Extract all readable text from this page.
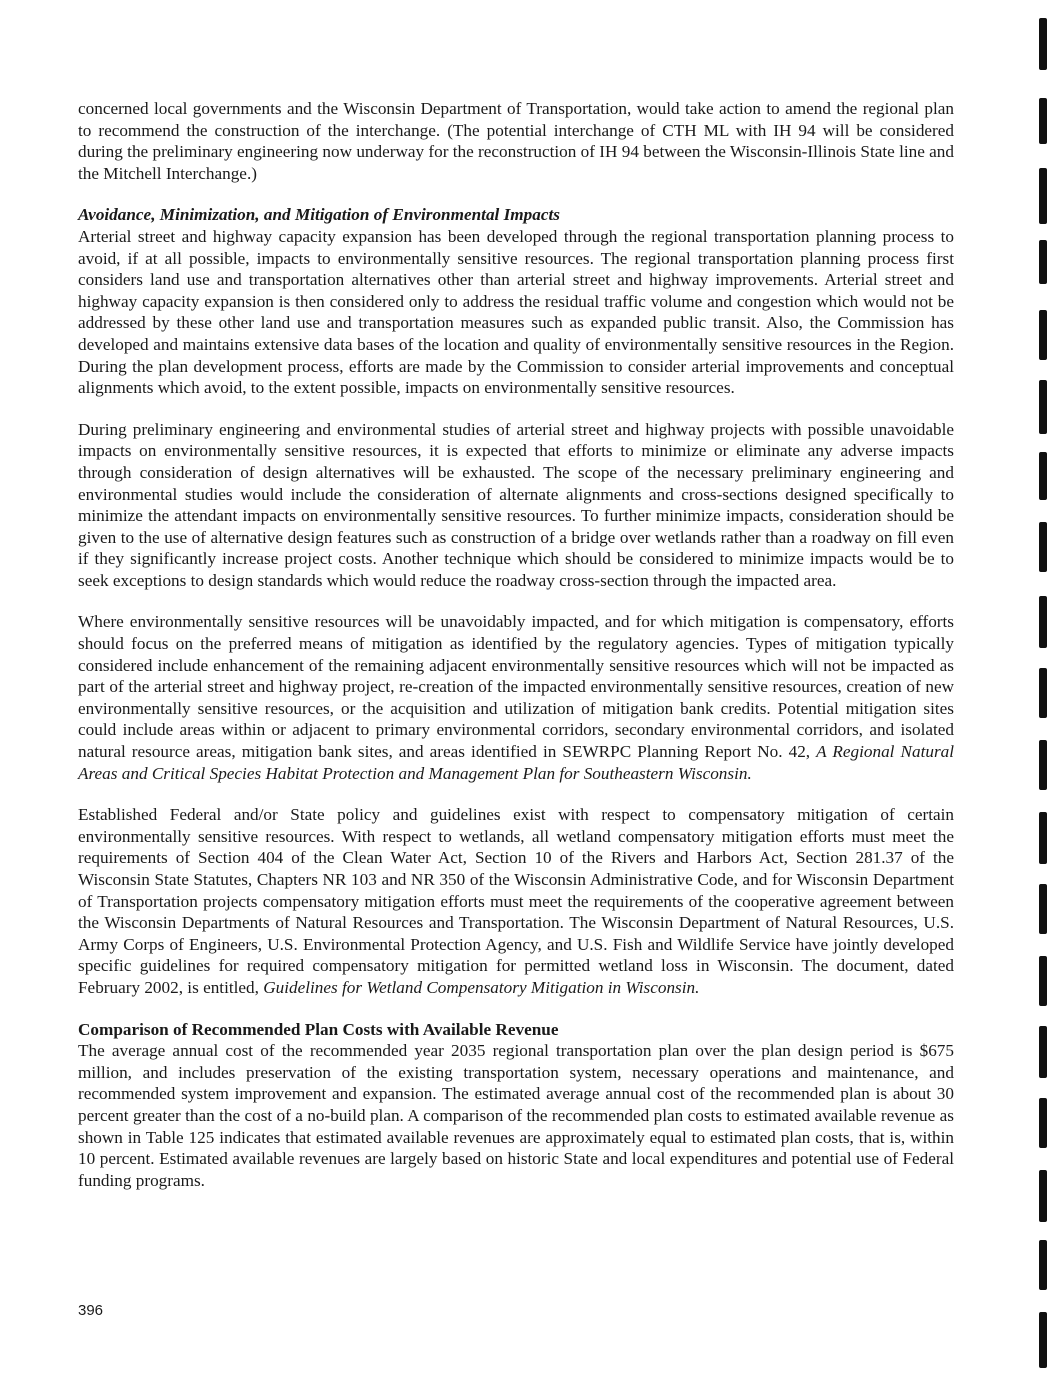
concerned local governments and the Wisconsin Department of Transportation, would take action to amend the regional plan to recommend the construction of the interchange. (The potential interchange of CTH ML with IH 94 will be considered during the preliminary engineering now underway for the reconstruction of IH 94 between the Wisconsin-Illinois State line and the Mitchell Interchange.)

Avoidance, Minimization, and Mitigation of Environmental Impacts

Arterial street and highway capacity expansion has been developed through the regional transportation planning process to avoid, if at all possible, impacts to environmentally sensitive resources. The regional transportation planning process first considers land use and transportation alternatives other than arterial street and highway improvements. Arterial street and highway capacity expansion is then considered only to address the residual traffic volume and congestion which would not be addressed by these other land use and transportation measures such as expanded public transit. Also, the Commission has developed and maintains extensive data bases of the location and quality of environmentally sensitive resources in the Region. During the plan development process, efforts are made by the Commission to consider arterial improvements and conceptual alignments which avoid, to the extent possible, impacts on environmentally sensitive resources.

During preliminary engineering and environmental studies of arterial street and highway projects with possible unavoidable impacts on environmentally sensitive resources, it is expected that efforts to minimize or eliminate any adverse impacts through consideration of design alternatives will be exhausted. The scope of the necessary preliminary engineering and environmental studies would include the consideration of alternate alignments and cross-sections designed specifically to minimize the attendant impacts on environmentally sensitive resources. To further minimize impacts, consideration should be given to the use of alternative design features such as construction of a bridge over wetlands rather than a roadway on fill even if they significantly increase project costs. Another technique which should be considered to minimize impacts would be to seek exceptions to design standards which would reduce the roadway cross-section through the impacted area.

Where environmentally sensitive resources will be unavoidably impacted, and for which mitigation is compensatory, efforts should focus on the preferred means of mitigation as identified by the regulatory agencies. Types of mitigation typically considered include enhancement of the remaining adjacent environmentally sensitive resources which will not be impacted as part of the arterial street and highway project, re-creation of the impacted environmentally sensitive resources, creation of new environmentally sensitive resources, or the acquisition and utilization of mitigation bank credits. Potential mitigation sites could include areas within or adjacent to primary environmental corridors, secondary environmental corridors, and isolated natural resource areas, mitigation bank sites, and areas identified in SEWRPC Planning Report No. 42, A Regional Natural Areas and Critical Species Habitat Protection and Management Plan for Southeastern Wisconsin.

Established Federal and/or State policy and guidelines exist with respect to compensatory mitigation of certain environmentally sensitive resources. With respect to wetlands, all wetland compensatory mitigation efforts must meet the requirements of Section 404 of the Clean Water Act, Section 10 of the Rivers and Harbors Act, Section 281.37 of the Wisconsin State Statutes, Chapters NR 103 and NR 350 of the Wisconsin Administrative Code, and for Wisconsin Department of Transportation projects compensatory mitigation efforts must meet the requirements of the cooperative agreement between the Wisconsin Departments of Natural Resources and Transportation. The Wisconsin Department of Natural Resources, U.S. Army Corps of Engineers, U.S. Environmental Protection Agency, and U.S. Fish and Wildlife Service have jointly developed specific guidelines for required compensatory mitigation for permitted wetland loss in Wisconsin. The document, dated February 2002, is entitled, Guidelines for Wetland Compensatory Mitigation in Wisconsin.

Comparison of Recommended Plan Costs with Available Revenue

The average annual cost of the recommended year 2035 regional transportation plan over the plan design period is $675 million, and includes preservation of the existing transportation system, necessary operations and maintenance, and recommended system improvement and expansion. The estimated average annual cost of the recommended plan is about 30 percent greater than the cost of a no-build plan. A comparison of the recommended plan costs to estimated available revenue as shown in Table 125 indicates that estimated available revenues are approximately equal to estimated plan costs, that is, within 10 percent. Estimated available revenues are largely based on historic State and local expenditures and potential use of Federal funding programs.

396
